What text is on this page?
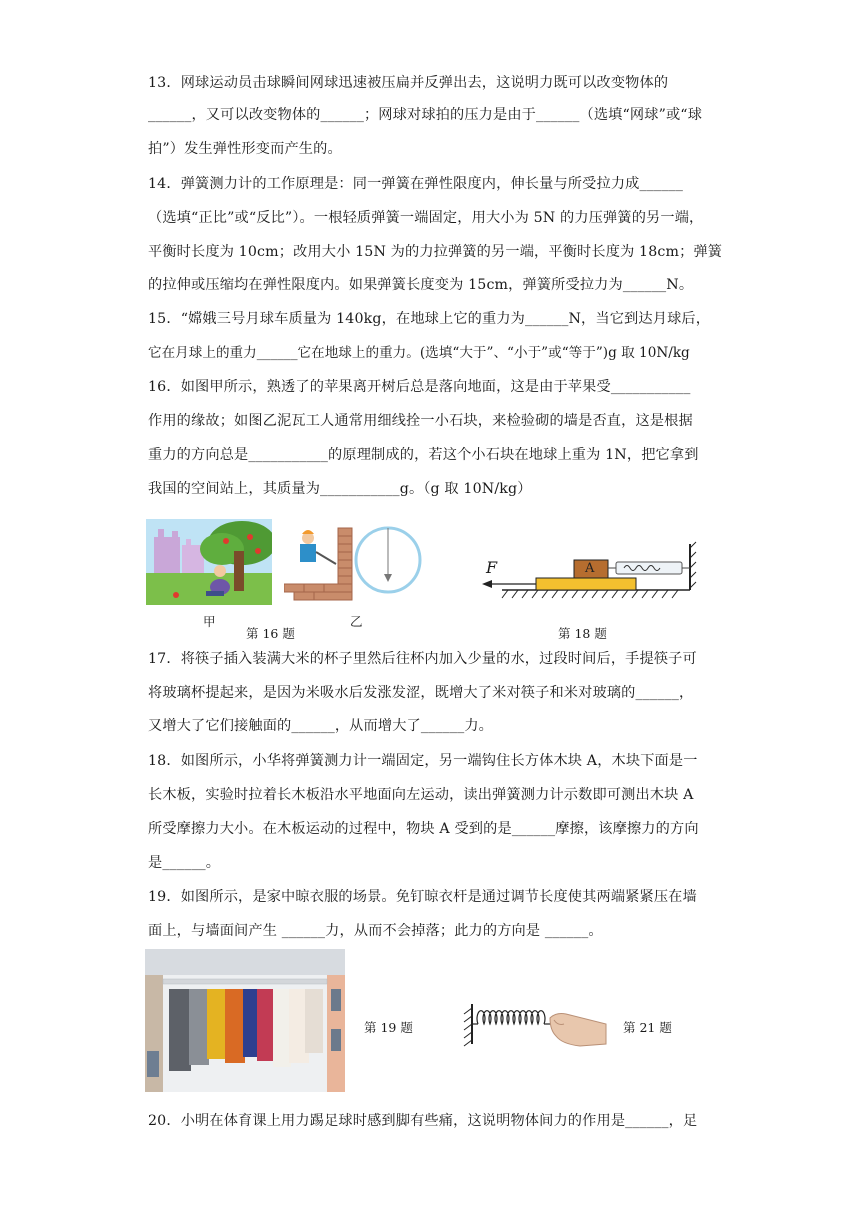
13．网球运动员击球瞬间网球迅速被压扁并反弹出去，这说明力既可以改变物体的
______，又可以改变物体的______；网球对球拍的压力是由于______（选填“网球”或“球
拍”）发生弹性形变而产生的。
14．弹簧测力计的工作原理是：同一弹簧在弹性限度内，伸长量与所受拉力成______
（选填“正比”或“反比”）。一根轻质弹簧一端固定，用大小为 5N 的力压弹簧的另一端，
平衡时长度为 10cm；改用大小 15N 为的力拉弹簧的另一端，平衡时长度为 18cm；弹簧
的拉伸或压缩均在弹性限度内。如果弹簧长度变为 15cm，弹簧所受拉力为______N。
15．“嫦娥三号月球车质量为 140kg，在地球上它的重力为______N，当它到达月球后，
它在月球上的重力______它在地球上的重力。(选填“大于”、“小于”或“等于”)g 取 10N/kg
16．如图甲所示，熟透了的苹果离开树后总是落向地面，这是由于苹果受___________
作用的缘故；如图乙泥瓦工人通常用细线拴一小石块，来检验砌的墙是否直，这是根据
重力的方向总是___________的原理制成的，若这个小石块在地球上重为 1N，把它拿到
我国的空间站上，其质量为___________g。（g 取 10N/kg）
甲
第 16 题
乙
F	A
第 18 题
17．将筷子插入装满大米的杯子里然后往杯内加入少量的水，过段时间后，手提筷子可
将玻璃杯提起来，是因为米吸水后发涨发涩，既增大了米对筷子和米对玻璃的______，
又增大了它们接触面的______，从而增大了______力。
18．如图所示，小华将弹簧测力计一端固定，另一端钩住长方体木块 A，木块下面是一
长木板，实验时拉着长木板沿水平地面向左运动，读出弹簧测力计示数即可测出木块 A
所受摩擦力大小。在木板运动的过程中，物块 A 受到的是______摩擦，该摩擦力的方向
是______。
19．如图所示，是家中晾衣服的场景。免钉晾衣杆是通过调节长度使其两端紧紧压在墙
面上，与墙面间产生 ______力，从而不会掉落；此力的方向是 ______。
第 19 题	第 21 题
20．小明在体育课上用力踢足球时感到脚有些痛，这说明物体间力的作用是______，足
